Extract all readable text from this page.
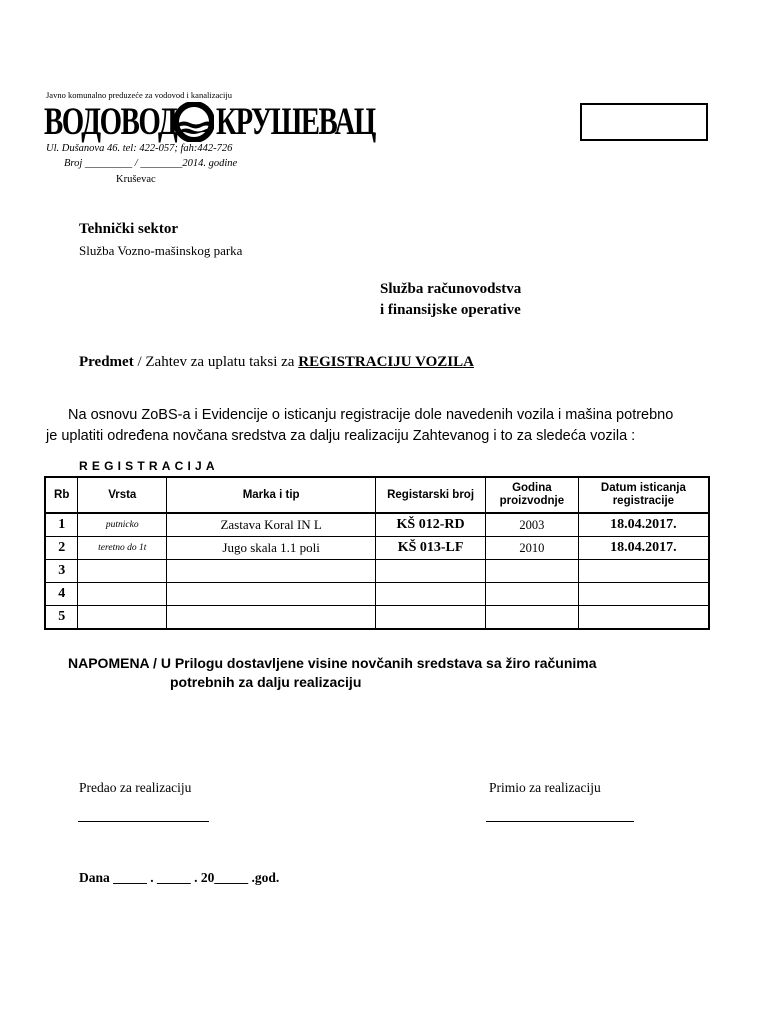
Javno komunalno preduzeće za vodovod i kanalizaciju
ВОДОВОД КРУШЕВАЦ
Ul. Dušanova 46. tel: 422-057; fah:442-726
Broj _________ / ________2014. godine
Kruševac
Tehnički sektor
Služba Vozno-mašinskog parka
Služba računovodstva
i finansijske operative
Predmet / Zahtev za uplatu taksi za REGISTRACIJU VOZILA
Na osnovu ZoBS-a i Evidencije o isticanju registracije dole navedenih vozila i mašina potrebno
je uplatiti određena novčana sredstva za dalju realizaciju Zahtevanog i to za sledeća vozila :
REGISTRACIJA
Rb	Vrsta	Marka i tip	Registarski broj	Godina proizvodnje	Datum isticanja registracije
1	putnicko	Zastava Koral IN L	KŠ 012-RD	2003	18.04.2017.
2	teretno do 1t	Jugo skala 1.1 poli	KŠ 013-LF	2010	18.04.2017.
3					
4					
5					
NAPOMENA / U Prilogu dostavljene visine novčanih sredstava sa žiro računima
potrebnih za dalju realizaciju
Predao za realizaciju	Primio za realizaciju
Dana _____ . _____ . 20_____ .god.
